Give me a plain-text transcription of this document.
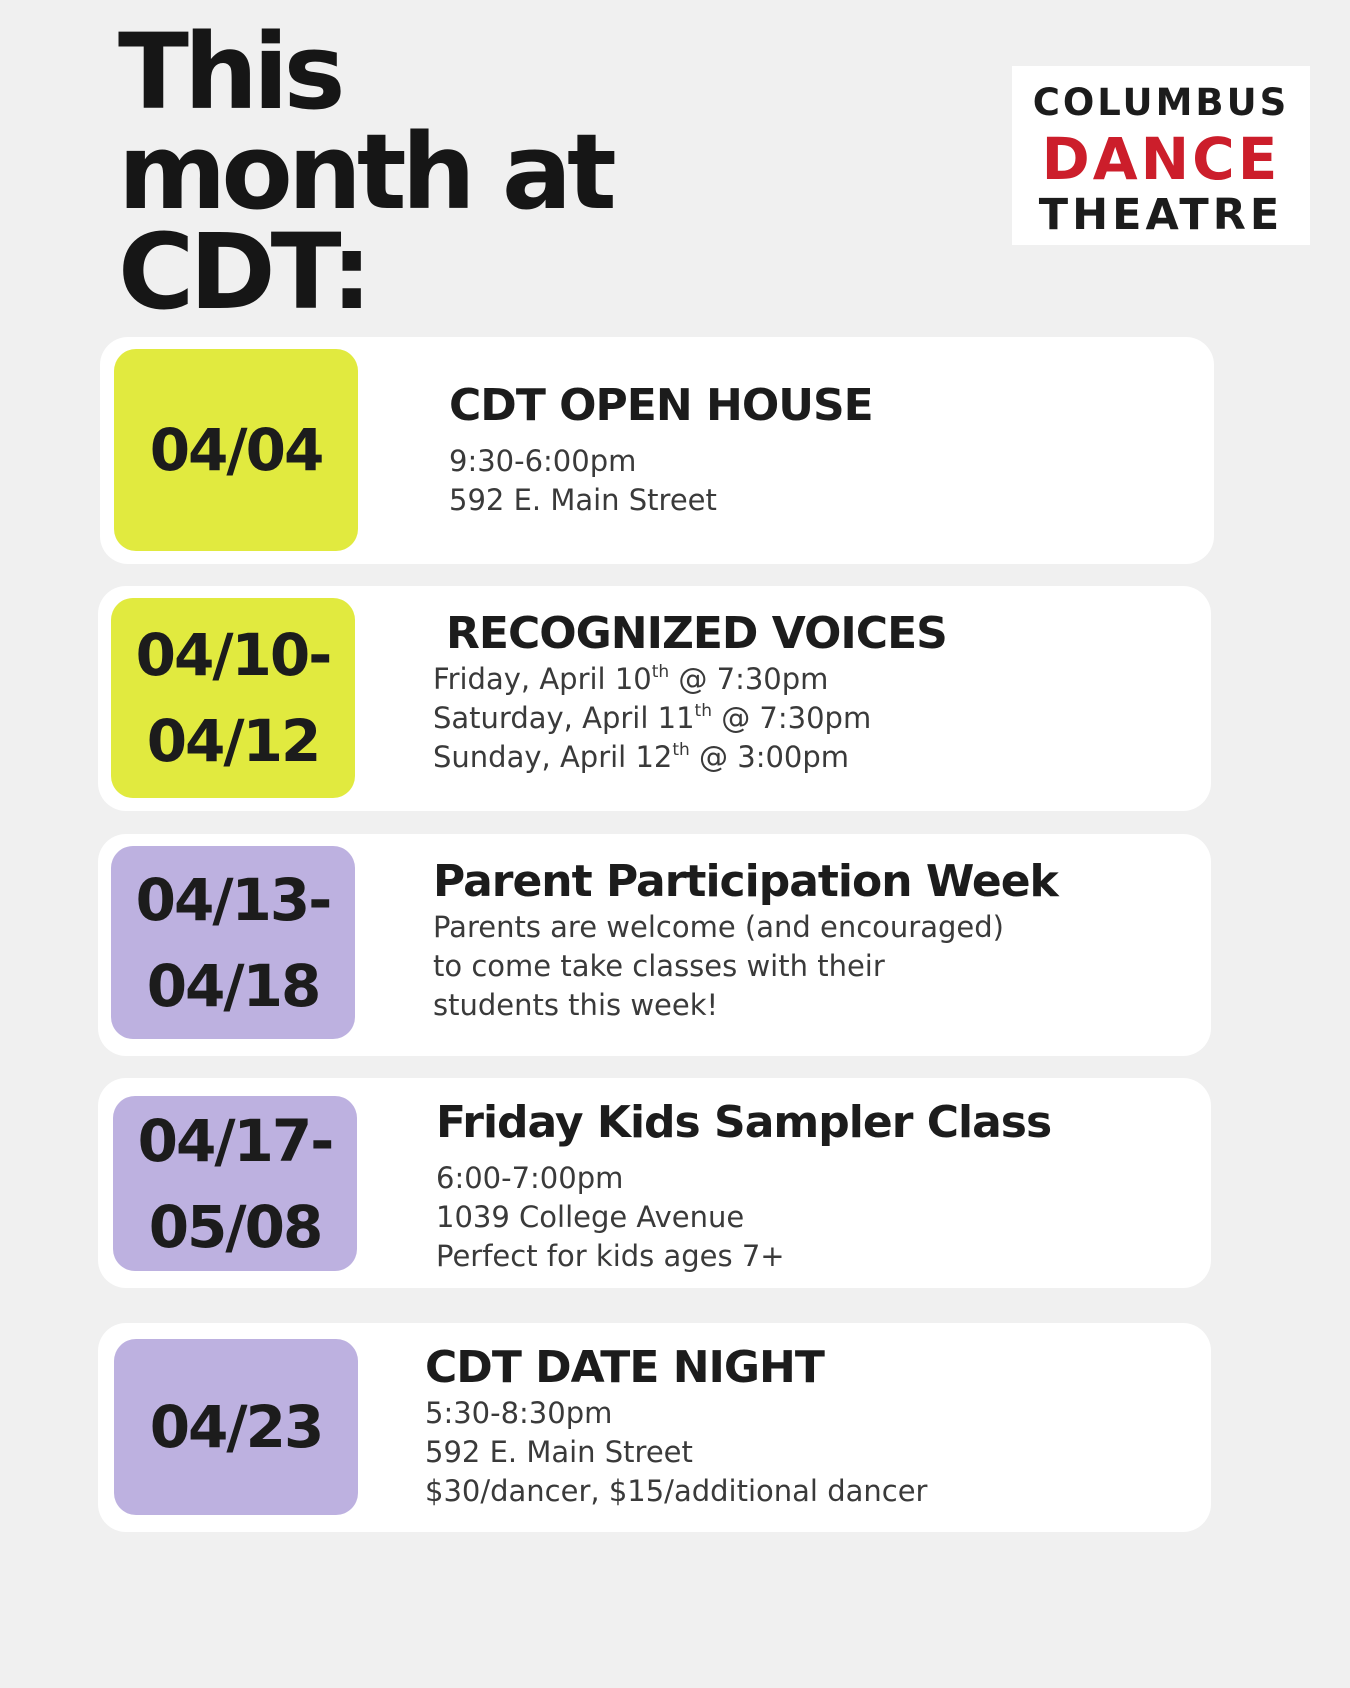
This
month at
CDT:
COLUMBUS
DANCE
THEATRE
04/04
CDT OPEN HOUSE
9:30-6:00pm
592 E. Main Street
04/10-
04/12
RECOGNIZED VOICES
Friday, April 10th @ 7:30pm
Saturday, April 11th @ 7:30pm
Sunday, April 12th @ 3:00pm
04/13-
04/18
Parent Participation Week
Parents are welcome (and encouraged)
to come take classes with their
students this week!
04/17-
05/08
Friday Kids Sampler Class
6:00-7:00pm
1039 College Avenue
Perfect for kids ages 7+
04/23
CDT DATE NIGHT
5:30-8:30pm
592 E. Main Street
$30/dancer, $15/additional dancer
